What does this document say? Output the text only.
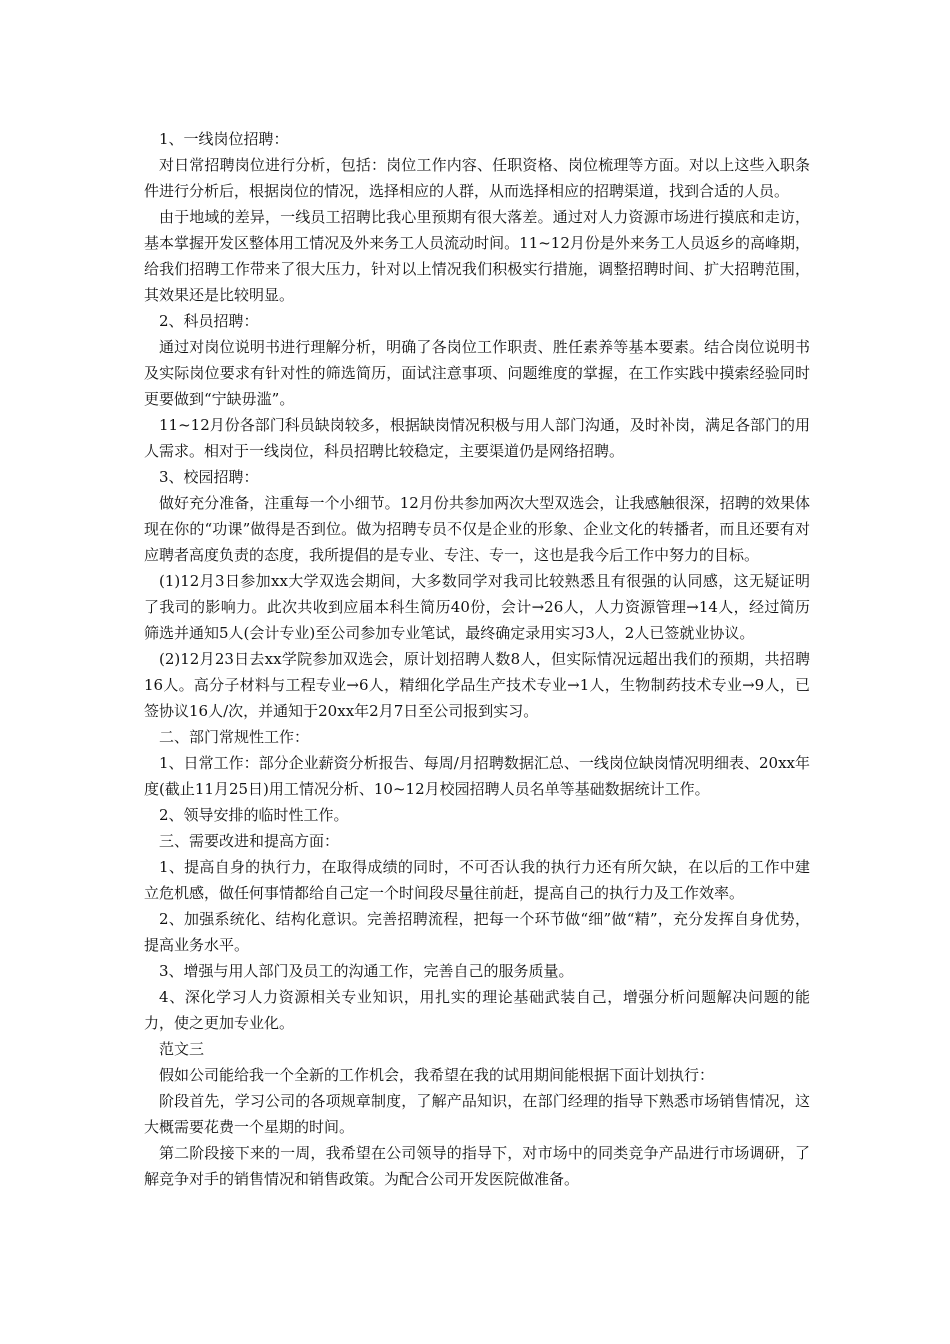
1、一线岗位招聘：

对日常招聘岗位进行分析，包括：岗位工作内容、任职资格、岗位梳理等方面。对以上这些入职条件进行分析后，根据岗位的情况，选择相应的人群，从而选择相应的招聘渠道，找到合适的人员。

由于地域的差异，一线员工招聘比我心里预期有很大落差。通过对人力资源市场进行摸底和走访，基本掌握开发区整体用工情况及外来务工人员流动时间。11~12月份是外来务工人员返乡的高峰期，给我们招聘工作带来了很大压力，针对以上情况我们积极实行措施，调整招聘时间、扩大招聘范围，其效果还是比较明显。

2、科员招聘：

通过对岗位说明书进行理解分析，明确了各岗位工作职责、胜任素养等基本要素。结合岗位说明书及实际岗位要求有针对性的筛选简历，面试注意事项、问题维度的掌握，在工作实践中摸索经验同时更要做到“宁缺毋滥”。

11~12月份各部门科员缺岗较多，根据缺岗情况积极与用人部门沟通，及时补岗，满足各部门的用人需求。相对于一线岗位，科员招聘比较稳定，主要渠道仍是网络招聘。

3、校园招聘：

做好充分准备，注重每一个小细节。12月份共参加两次大型双选会，让我感触很深，招聘的效果体现在你的“功课”做得是否到位。做为招聘专员不仅是企业的形象、企业文化的转播者，而且还要有对应聘者高度负责的态度，我所提倡的是专业、专注、专一，这也是我今后工作中努力的目标。

(1)12月3日参加xx大学双选会期间，大多数同学对我司比较熟悉且有很强的认同感，这无疑证明了我司的影响力。此次共收到应届本科生简历40份，会计→26人，人力资源管理→14人，经过简历筛选并通知5人(会计专业)至公司参加专业笔试，最终确定录用实习3人，2人已签就业协议。

(2)12月23日去xx学院参加双选会，原计划招聘人数8人，但实际情况远超出我们的预期，共招聘16人。高分子材料与工程专业→6人，精细化学品生产技术专业→1人，生物制药技术专业→9人，已签协议16人/次，并通知于20xx年2月7日至公司报到实习。

二、部门常规性工作：

1、日常工作：部分企业薪资分析报告、每周/月招聘数据汇总、一线岗位缺岗情况明细表、20xx年度(截止11月25日)用工情况分析、10~12月校园招聘人员名单等基础数据统计工作。

2、领导安排的临时性工作。

三、需要改进和提高方面：

1、提高自身的执行力，在取得成绩的同时，不可否认我的执行力还有所欠缺，在以后的工作中建立危机感，做任何事情都给自己定一个时间段尽量往前赶，提高自己的执行力及工作效率。

2、加强系统化、结构化意识。完善招聘流程，把每一个环节做“细”做“精”，充分发挥自身优势，提高业务水平。

3、增强与用人部门及员工的沟通工作，完善自己的服务质量。

4、深化学习人力资源相关专业知识，用扎实的理论基础武装自己，增强分析问题解决问题的能力，使之更加专业化。

范文三

假如公司能给我一个全新的工作机会，我希望在我的试用期间能根据下面计划执行：

阶段首先，学习公司的各项规章制度，了解产品知识，在部门经理的指导下熟悉市场销售情况，这大概需要花费一个星期的时间。

第二阶段接下来的一周，我希望在公司领导的指导下，对市场中的同类竞争产品进行市场调研，了解竞争对手的销售情况和销售政策。为配合公司开发医院做准备。
